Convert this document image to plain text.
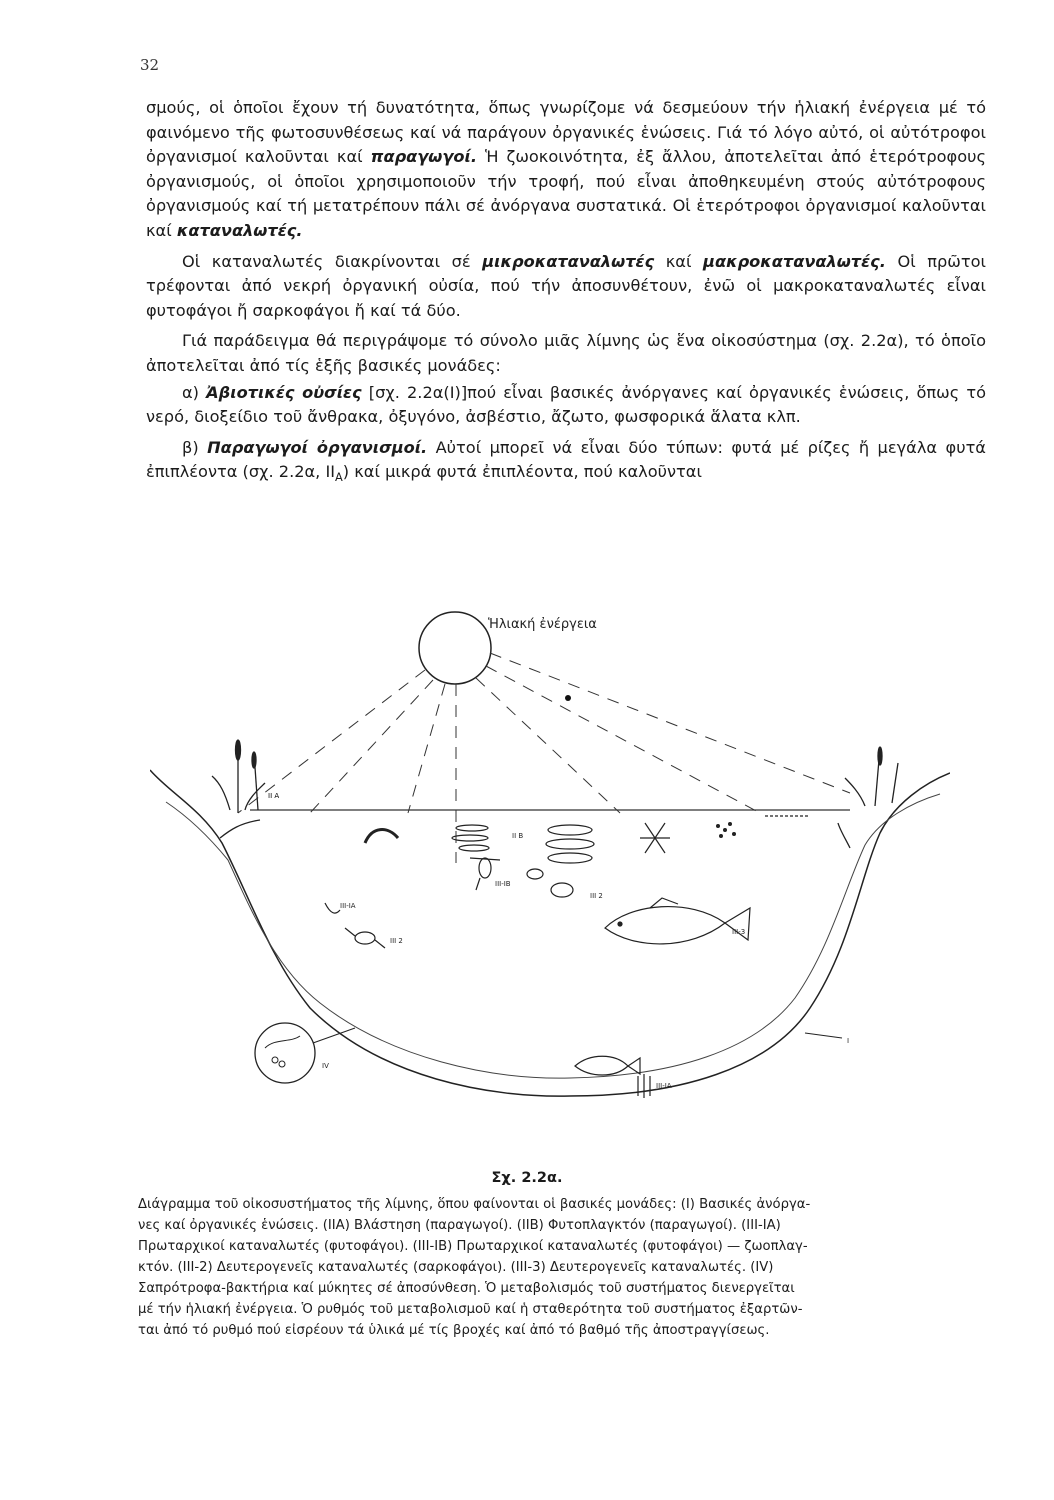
32

σμούς, οἱ ὁποῖοι ἔχουν τή δυνατότητα, ὅπως γνωρίζομε νά δεσμεύουν τήν ἡλιακή ἐνέργεια μέ τό φαινόμενο τῆς φωτοσυνθέσεως καί νά παράγουν ὀργανικές ἑνώσεις. Γιά τό λόγο αὐτό, οἱ αὐτότροφοι ὀργανισμοί καλοῦνται καί παραγωγοί. Ἡ ζωοκοινότητα, ἐξ ἄλλου, ἀποτελεῖται ἀπό ἑτερότροφους ὀργανισμούς, οἱ ὁποῖοι χρησιμοποιοῦν τήν τροφή, πού εἶναι ἀποθηκευμένη στούς αὐτότροφους ὀργανισμούς καί τή μετατρέπουν πάλι σέ ἀνόργανα συστατικά. Οἱ ἑτερότροφοι ὀργανισμοί καλοῦνται καί καταναλωτές.

Οἱ καταναλωτές διακρίνονται σέ μικροκαταναλωτές καί μακροκαταναλωτές. Οἱ πρῶτοι τρέφονται ἀπό νεκρή ὀργανική οὐσία, πού τήν ἀποσυνθέτουν, ἐνῶ οἱ μακροκαταναλωτές εἶναι φυτοφάγοι ἤ σαρκοφάγοι ἤ καί τά δύο.

Γιά παράδειγμα θά περιγράψομε τό σύνολο μιᾶς λίμνης ὡς ἕνα οἰκοσύστημα (σχ. 2.2α), τό ὁποῖο ἀποτελεῖται ἀπό τίς ἑξῆς βασικές μονάδες:

α) Ἀβιοτικές οὐσίες [σχ. 2.2α(Ι)]πού εἶναι βασικές ἀνόργανες καί ὀργανικές ἑνώσεις, ὅπως τό νερό, διοξείδιο τοῦ ἄνθρακα, ὀξυγόνο, ἀσβέστιο, ἄζωτο, φωσφορικά ἅλατα κλπ.

β) Παραγωγοί ὀργανισμοί. Αὐτοί μπορεῖ νά εἶναι δύο τύπων: φυτά μέ ρίζες ἤ μεγάλα φυτά ἐπιπλέοντα (σχ. 2.2α, $II_A$) καί μικρά φυτά ἐπιπλέοντα, πού καλοῦνται

Ἡλιακή ἐνέργεια
II A
II B
III-IB
III-IA
III 2
III 2
III-3
I
IV
III-IA
Σχ. 2.2α.
Διάγραμμα τοῦ οἰκοσυστήματος τῆς λίμνης, ὅπου φαίνονται οἱ βασικές μονάδες: (Ι) Βασικές ἀνόργα-
νες καί ὀργανικές ἑνώσεις. (ΙΙΑ) Βλάστηση (παραγωγοί). (ΙΙΒ) Φυτοπλαγκτόν (παραγωγοί). (ΙΙΙ-ΙΑ)
Πρωταρχικοί καταναλωτές (φυτοφάγοι). (ΙΙΙ-ΙΒ) Πρωταρχικοί καταναλωτές (φυτοφάγοι) — ζωοπλαγ-
κτόν. (ΙΙΙ-2) Δευτερογενεῖς καταναλωτές (σαρκοφάγοι). (ΙΙΙ-3) Δευτερογενεῖς καταναλωτές. (IV)
Σαπρότροφα-βακτήρια καί μύκητες σέ ἀποσύνθεση. Ὁ μεταβολισμός τοῦ συστήματος διενεργεῖται
μέ τήν ἡλιακή ἐνέργεια. Ὁ ρυθμός τοῦ μεταβολισμοῦ καί ἡ σταθερότητα τοῦ συστήματος ἐξαρτῶν-
ται ἀπό τό ρυθμό πού εἰσρέουν τά ὑλικά μέ τίς βροχές καί ἀπό τό βαθμό τῆς ἀποστραγγίσεως.
